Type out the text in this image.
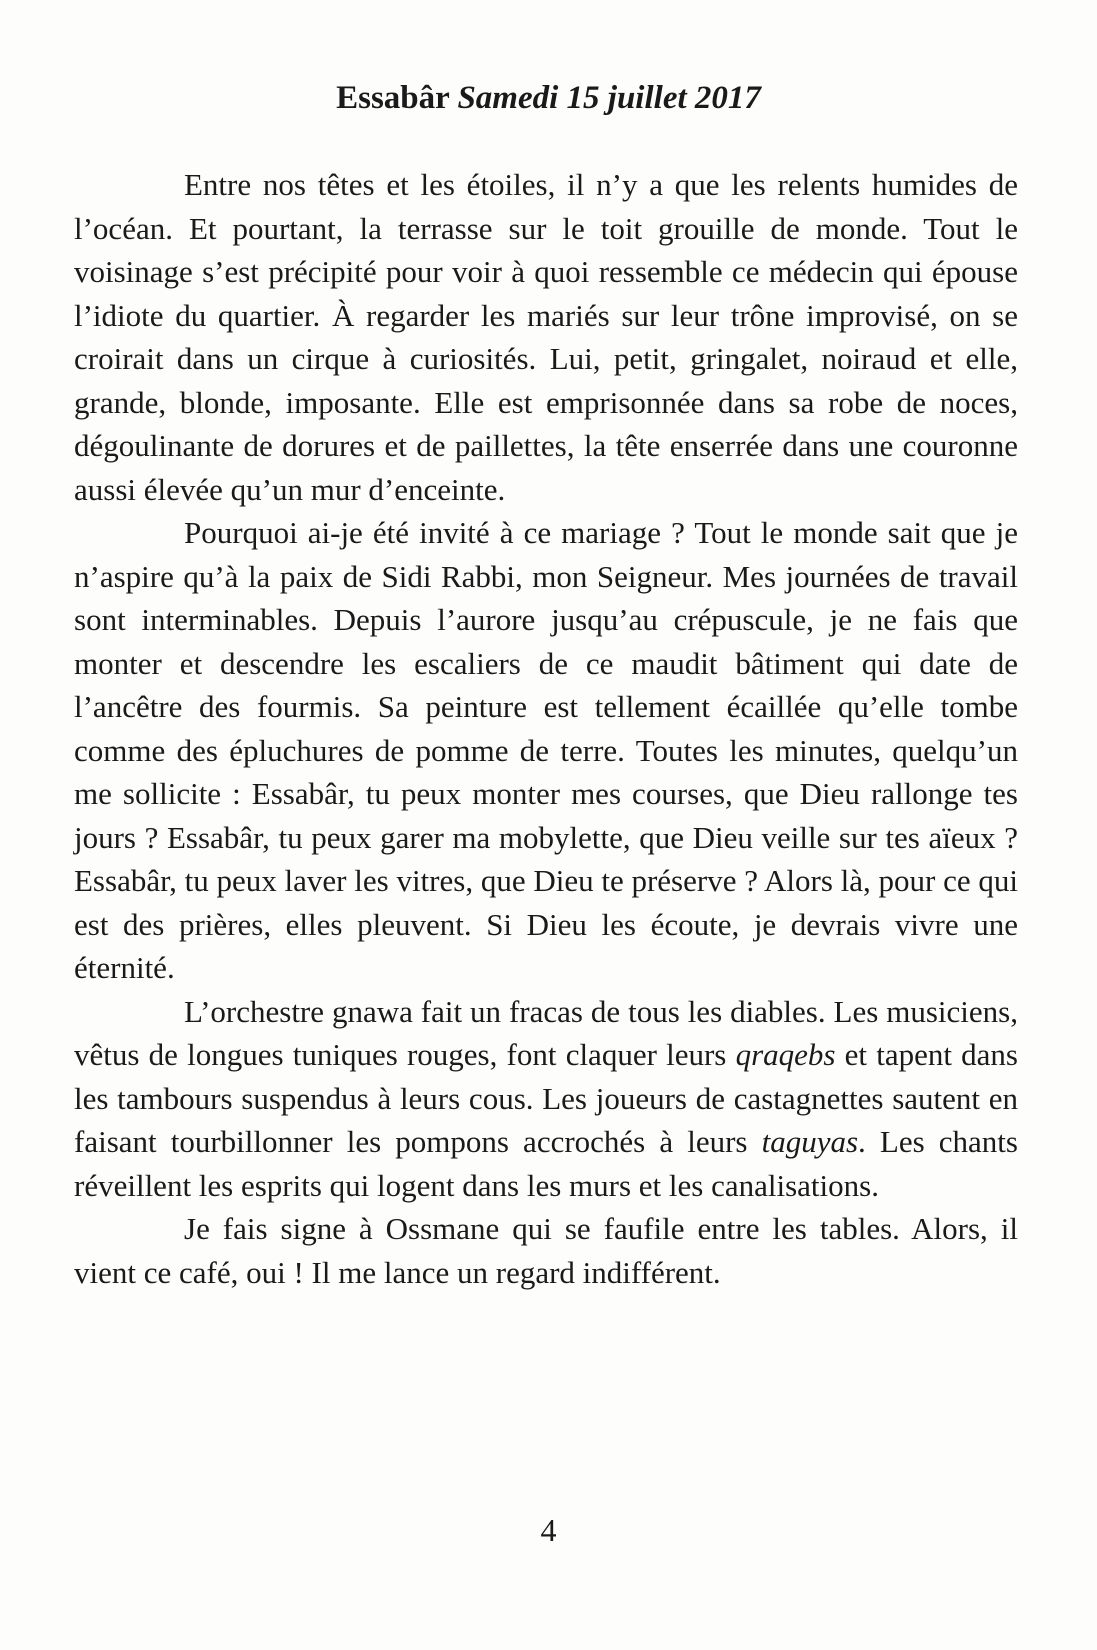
Essabâr Samedi 15 juillet 2017

Entre nos têtes et les étoiles, il n’y a que les relents humides de l’océan. Et pourtant, la terrasse sur le toit grouille de monde. Tout le voisinage s’est précipité pour voir à quoi ressemble ce médecin qui épouse l’idiote du quartier. À regarder les mariés sur leur trône improvisé, on se croirait dans un cirque à curiosités. Lui, petit, gringalet, noiraud et elle, grande, blonde, imposante. Elle est emprisonnée dans sa robe de noces, dégoulinante de dorures et de paillettes, la tête enserrée dans une couronne aussi élevée qu’un mur d’enceinte.

Pourquoi ai-je été invité à ce mariage ? Tout le monde sait que je n’aspire qu’à la paix de Sidi Rabbi, mon Seigneur. Mes journées de travail sont interminables. Depuis l’aurore jusqu’au crépuscule, je ne fais que monter et descendre les escaliers de ce maudit bâtiment qui date de l’ancêtre des fourmis. Sa peinture est tellement écaillée qu’elle tombe comme des épluchures de pomme de terre. Toutes les minutes, quelqu’un me sollicite : Essabâr, tu peux monter mes courses, que Dieu rallonge tes jours ? Essabâr, tu peux garer ma mobylette, que Dieu veille sur tes aïeux ? Essabâr, tu peux laver les vitres, que Dieu te préserve ? Alors là, pour ce qui est des prières, elles pleuvent. Si Dieu les écoute, je devrais vivre une éternité.

L’orchestre gnawa fait un fracas de tous les diables. Les musiciens, vêtus de longues tuniques rouges, font claquer leurs qraqebs et tapent dans les tambours suspendus à leurs cous. Les joueurs de castagnettes sautent en faisant tourbillonner les pompons accrochés à leurs taguyas. Les chants réveillent les esprits qui logent dans les murs et les canalisations.

Je fais signe à Ossmane qui se faufile entre les tables. Alors, il vient ce café, oui ! Il me lance un regard indifférent.

4
